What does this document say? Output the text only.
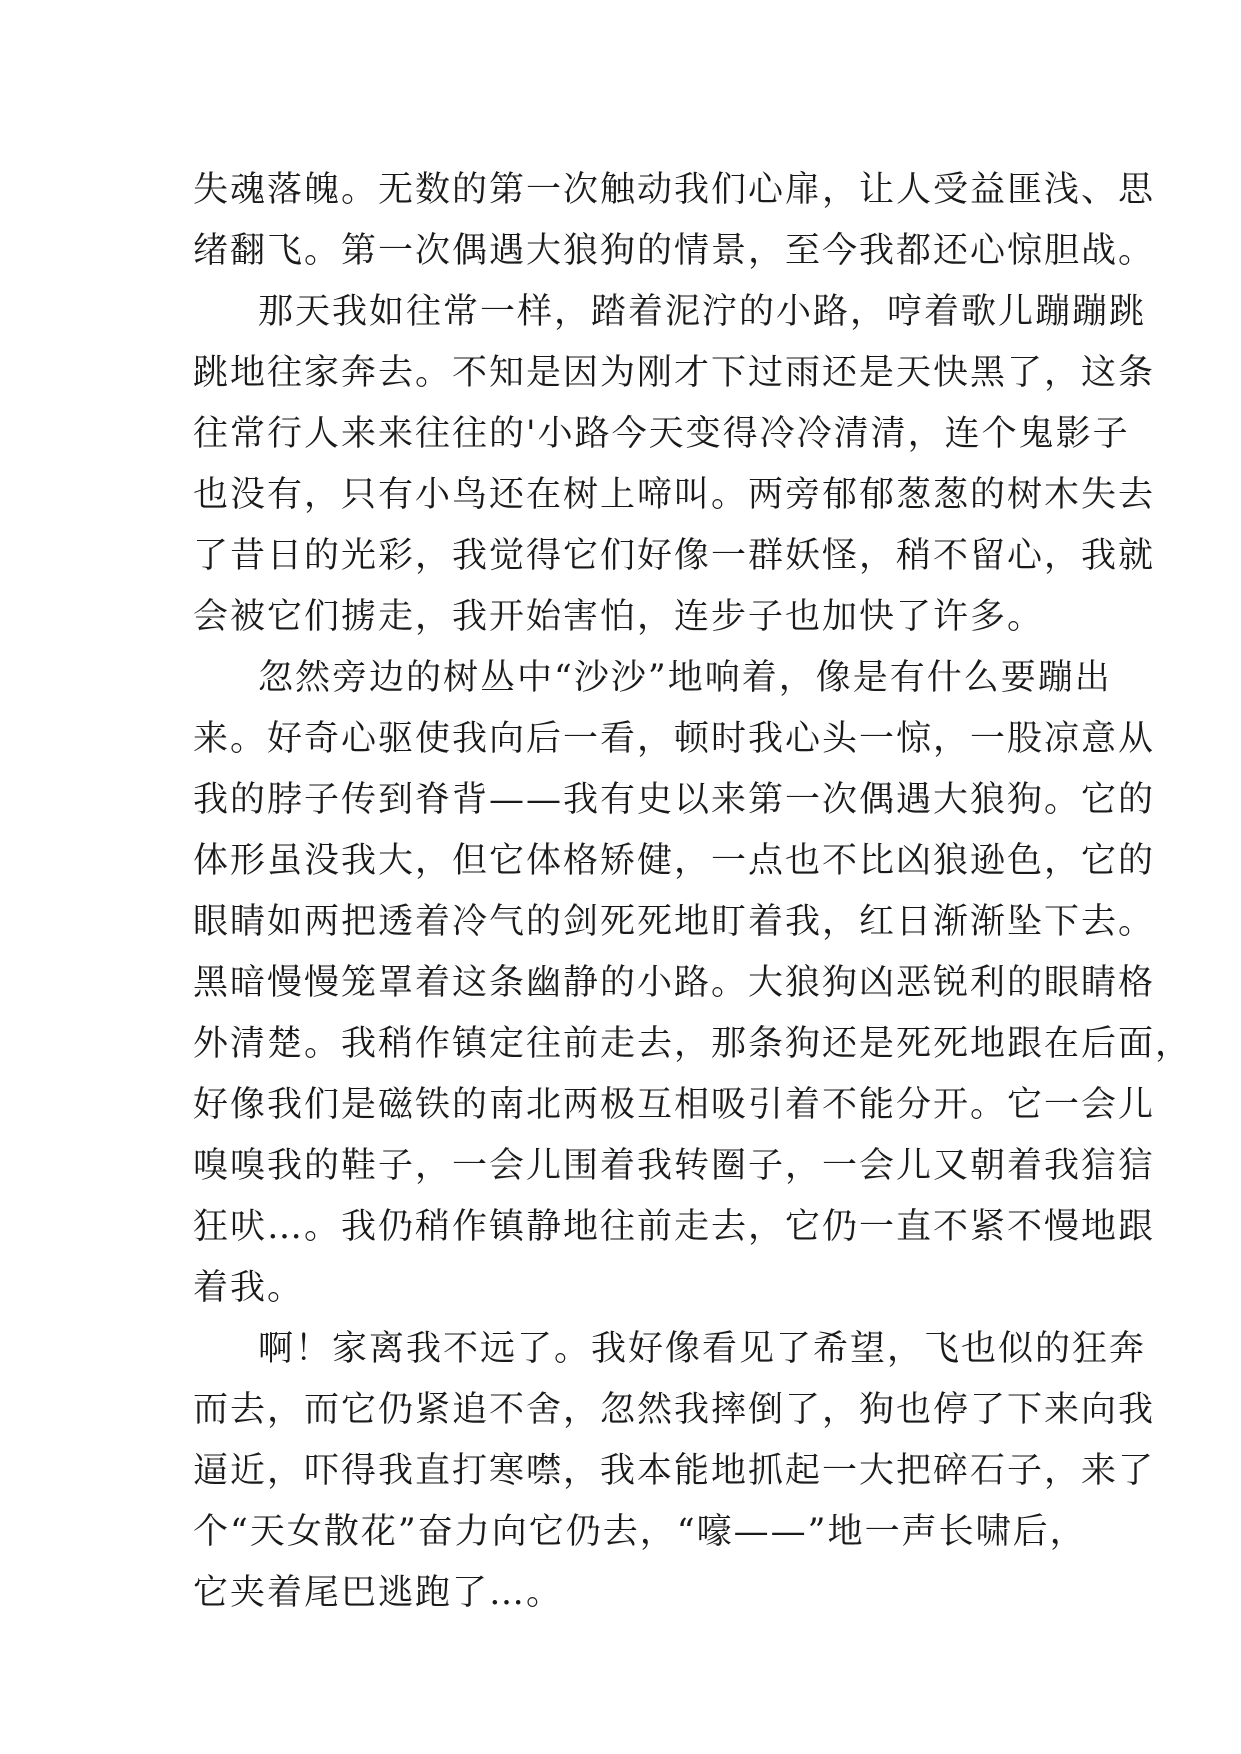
失魂落魄。无数的第一次触动我们心扉，让人受益匪浅、思
绪翻飞。第一次偶遇大狼狗的情景，至今我都还心惊胆战。
那天我如往常一样，踏着泥泞的小路，哼着歌儿蹦蹦跳
跳地往家奔去。不知是因为刚才下过雨还是天快黑了，这条
往常行人来来往往的'小路今天变得冷冷清清，连个鬼影子
也没有，只有小鸟还在树上啼叫。两旁郁郁葱葱的树木失去
了昔日的光彩，我觉得它们好像一群妖怪，稍不留心，我就
会被它们掳走，我开始害怕，连步子也加快了许多。
忽然旁边的树丛中“沙沙”地响着，像是有什么要蹦出
来。好奇心驱使我向后一看，顿时我心头一惊，一股凉意从
我的脖子传到脊背——我有史以来第一次偶遇大狼狗。它的
体形虽没我大，但它体格矫健，一点也不比凶狼逊色，它的
眼睛如两把透着冷气的剑死死地盯着我，红日渐渐坠下去。
黑暗慢慢笼罩着这条幽静的小路。大狼狗凶恶锐利的眼睛格
外清楚。我稍作镇定往前走去，那条狗还是死死地跟在后面，
好像我们是磁铁的南北两极互相吸引着不能分开。它一会儿
嗅嗅我的鞋子，一会儿围着我转圈子，一会儿又朝着我狺狺
狂吠…。我仍稍作镇静地往前走去，它仍一直不紧不慢地跟
着我。
啊！家离我不远了。我好像看见了希望，飞也似的狂奔
而去，而它仍紧追不舍，忽然我摔倒了，狗也停了下来向我
逼近，吓得我直打寒噤，我本能地抓起一大把碎石子，来了
个“天女散花”奋力向它仍去，“嚎——”地一声长啸后，
它夹着尾巴逃跑了…。
